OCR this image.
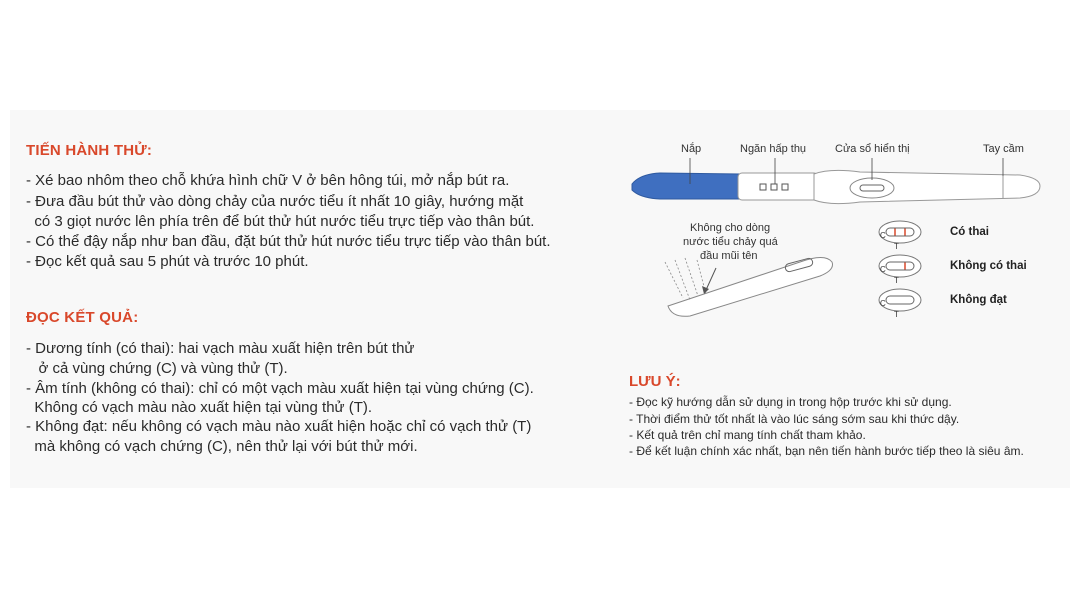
TIẾN HÀNH THỬ:
- Xé bao nhôm theo chỗ khứa hình chữ V ở bên hông túi, mở nắp bút ra.
- Đưa đầu bút thử vào dòng chảy của nước tiểu ít nhất 10 giây, hướng mặt
có 3 giọt nước lên phía trên để bút thử hút nước tiểu trực tiếp vào thân bút.
- Có thể đậy nắp như ban đầu, đặt bút thử hút nước tiểu trực tiếp vào thân bút.
- Đọc kết quả sau 5 phút và trước 10 phút.
ĐỌC KẾT QUẢ:
- Dương tính (có thai): hai vạch màu xuất hiện trên bút thử
ở cả vùng chứng (C) và vùng thử (T).
- Âm tính (không có thai): chỉ có một vạch màu xuất hiện tại vùng chứng (C).
Không có vạch màu nào xuất hiện tại vùng thử (T).
- Không đạt: nếu không có vạch màu nào xuất hiện hoặc chỉ có vạch thử (T)
mà không có vạch chứng (C), nên thử lại với bút thử mới.
Nắp	Ngăn hấp thụ	Cửa sổ hiển thị	Tay cầm
Không cho dòng
nước tiểu chảy quá
đầu mũi tên
C
C
C
T
T
T
Có thai
Không có thai
Không đạt
LƯU Ý:
- Đọc kỹ hướng dẫn sử dụng in trong hộp trước khi sử dụng.
- Thời điểm thử tốt nhất là vào lúc sáng sớm sau khi thức dậy.
- Kết quả trên chỉ mang tính chất tham khảo.
- Để kết luận chính xác nhất, bạn nên tiến hành bước tiếp theo là siêu âm.
